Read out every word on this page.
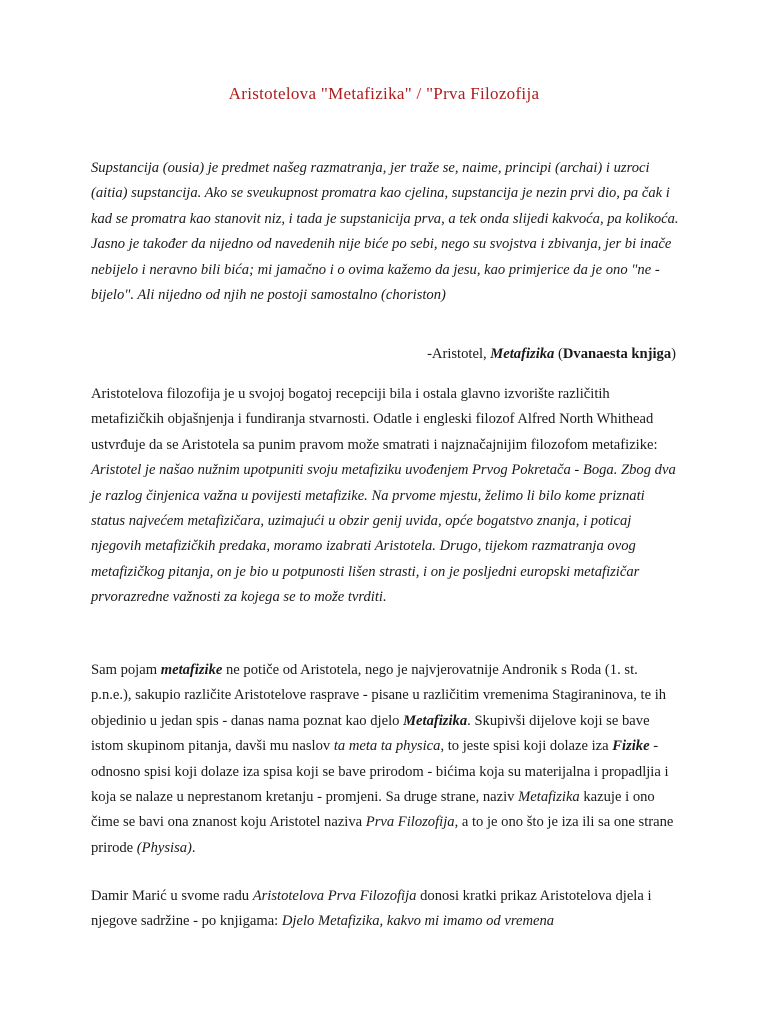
Aristotelova "Metafizika" / "Prva Filozofija

Supstancija (ousia) je predmet našeg razmatranja, jer traže se, naime, principi (archai) i uzroci (aitia) supstancija. Ako se sveukupnost promatra kao cjelina, supstancija je nezin prvi dio, pa čak i kad se promatra kao stanovit niz, i tada je supstanicija prva, a tek onda slijedi kakvoća, pa kolikoća. Jasno je također da nijedno od navedenih nije biće po sebi, nego su svojstva i zbivanja, jer bi inače nebijelo i neravno bili bića; mi jamačno i o ovima kažemo da jesu, kao primjerice da je ono "ne - bijelo". Ali nijedno od njih ne postoji samostalno (choriston)

-Aristotel, Metafizika (Dvanaesta knjiga)

Aristotelova filozofija je u svojoj bogatoj recepciji bila i ostala glavno izvorište različitih metafizičkih objašnjenja i fundiranja stvarnosti. Odatle i engleski filozof Alfred North Whithead ustvrđuje da se Aristotela sa punim pravom može smatrati i najznačajnijim filozofom metafizike: Aristotel je našao nužnim upotpuniti svoju metafiziku uvođenjem Prvog Pokretača - Boga. Zbog dva je razlog činjenica važna u povijesti metafizike. Na prvome mjestu, želimo li bilo kome priznati status najvećem metafizičara, uzimajući u obzir genij uvida, opće bogatstvo znanja, i poticaj njegovih metafizičkih predaka, moramo izabrati Aristotela. Drugo, tijekom razmatranja ovog metafizičkog pitanja, on je bio u potpunosti lišen strasti, i on je posljedni europski metafizičar prvorazredne važnosti za kojega se to može tvrditi.

Sam pojam metafizike ne potiče od Aristotela, nego je najvjerovatnije Andronik s Roda (1. st. p.n.e.), sakupio različite Aristotelove rasprave - pisane u različitim vremenima Stagiraninova, te ih objedinio u jedan spis - danas nama poznat kao djelo Metafizika. Skupivši dijelove koji se bave istom skupinom pitanja, davši mu naslov ta meta ta physica, to jeste spisi koji dolaze iza Fizike - odnosno spisi koji dolaze iza spisa koji se bave prirodom - bićima koja su materijalna i propadljia i koja se nalaze u neprestanom kretanju - promjeni. Sa druge strane, naziv Metafizika kazuje i ono čime se bavi ona znanost koju Aristotel naziva Prva Filozofija, a to je ono što je iza ili sa one strane prirode (Physisa).

Damir Marić u svome radu Aristotelova Prva Filozofija donosi kratki prikaz Aristotelova djela i njegove sadržine - po knjigama: Djelo Metafizika, kakvo mi imamo od vremena
